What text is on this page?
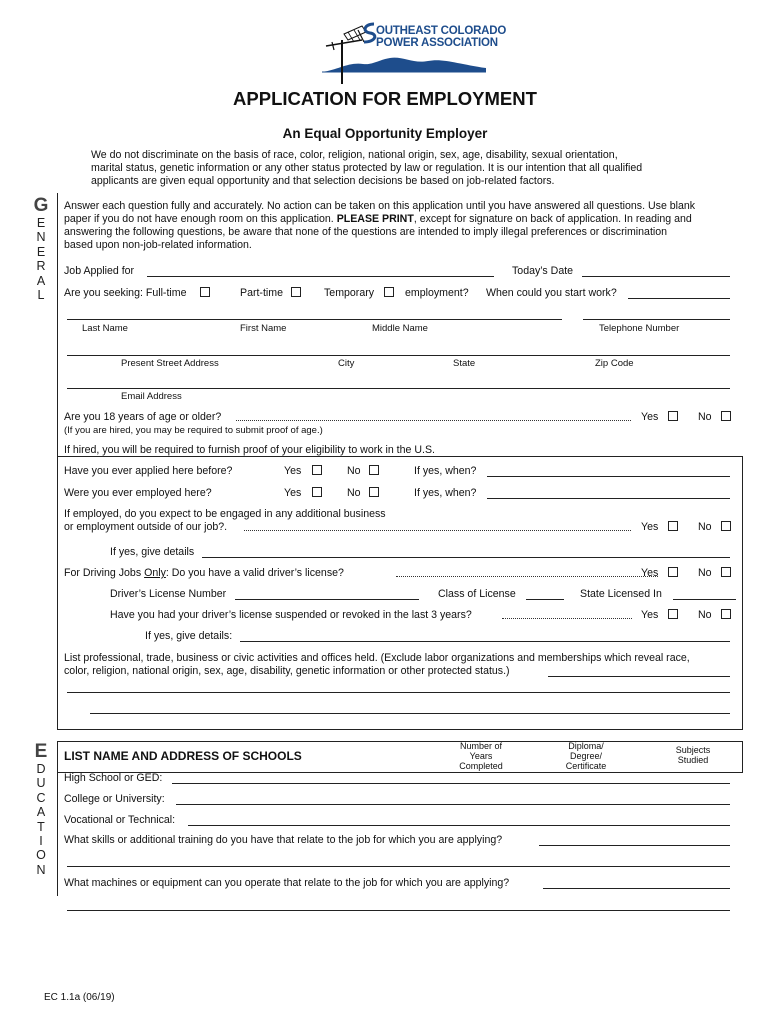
OUTHEAST COLORADO
POWER ASSOCIATION
APPLICATION FOR EMPLOYMENT
An Equal Opportunity Employer
We do not discriminate on the basis of race, color, religion, national origin, sex, age, disability, sexual orientation,
marital status, genetic information or any other status protected by law or regulation. It is our intention that all qualified
applicants are given equal opportunity and that selection decisions be based on job-related factors.
G
E
N
E
R
A
L
Answer each question fully and accurately. No action can be taken on this application until you have answered all questions. Use blank
paper if you do not have enough room on this application. PLEASE PRINT, except for signature on back of application. In reading and
answering the following questions, be aware that none of the questions are intended to imply illegal preferences or discrimination
based upon non-job-related information.
Job Applied for	Today’s Date
Are you seeking: Full-time	Part-time	Temporary	employment? When could you start work?
Last Name	First Name	Middle Name	Telephone Number
Present Street Address	City	State	Zip Code
Email Address
Are you 18 years of age or older?	Yes	No
(If you are hired, you may be required to submit proof of age.)
If hired, you will be required to furnish proof of your eligibility to work in the U.S.
Have you ever applied here before?	Yes	No	If yes, when?
Were you ever employed here?	Yes	No	If yes, when?
If employed, do you expect to be engaged in any additional business
or employment outside of our job?.	Yes	No
If yes, give details
For Driving Jobs Only: Do you have a valid driver’s license?	Yes	No
Driver’s License Number	Class of License	State Licensed In
Have you had your driver’s license suspended or revoked in the last 3 years?	Yes	No
If yes, give details:
List professional, trade, business or civic activities and offices held. (Exclude labor organizations and memberships which reveal race,
color, religion, national origin, sex, age, disability, genetic information or other protected status.)
E
D
U
C
A
T
I
O
N
LIST NAME AND ADDRESS OF SCHOOLS
Number of Years Completed
Diploma/ Degree/ Certificate
Subjects Studied
High School or GED:
College or University:
Vocational or Technical:
What skills or additional training do you have that relate to the job for which you are applying?
What machines or equipment can you operate that relate to the job for which you are applying?
EC 1.1a (06/19)
